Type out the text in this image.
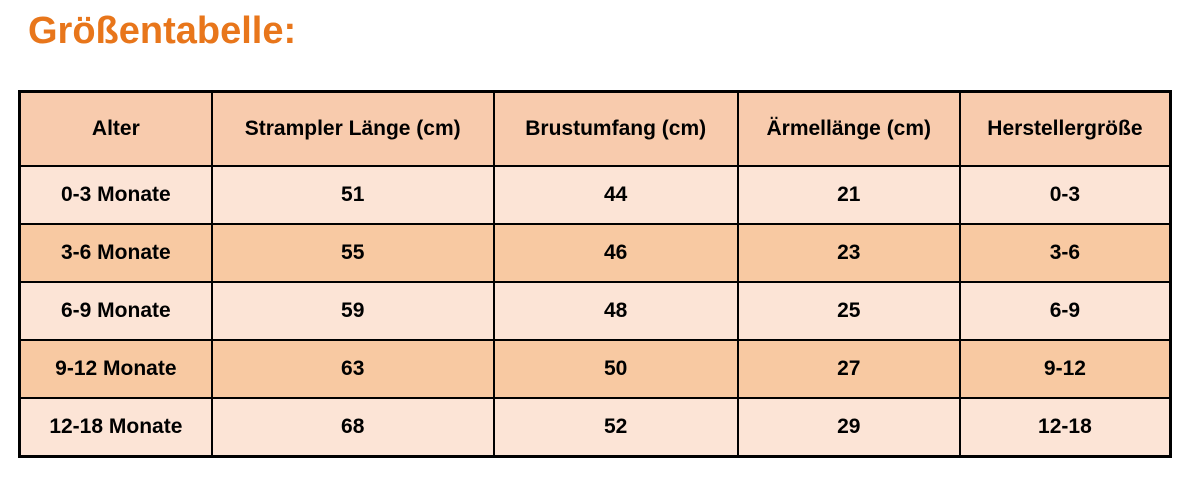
Größentabelle:
Alter	Strampler Länge (cm)	Brustumfang (cm)	Ärmellänge (cm)	Herstellergröße
0-3 Monate	51	44	21	0-3
3-6 Monate	55	46	23	3-6
6-9 Monate	59	48	25	6-9
9-12 Monate	63	50	27	9-12
12-18 Monate	68	52	29	12-18
